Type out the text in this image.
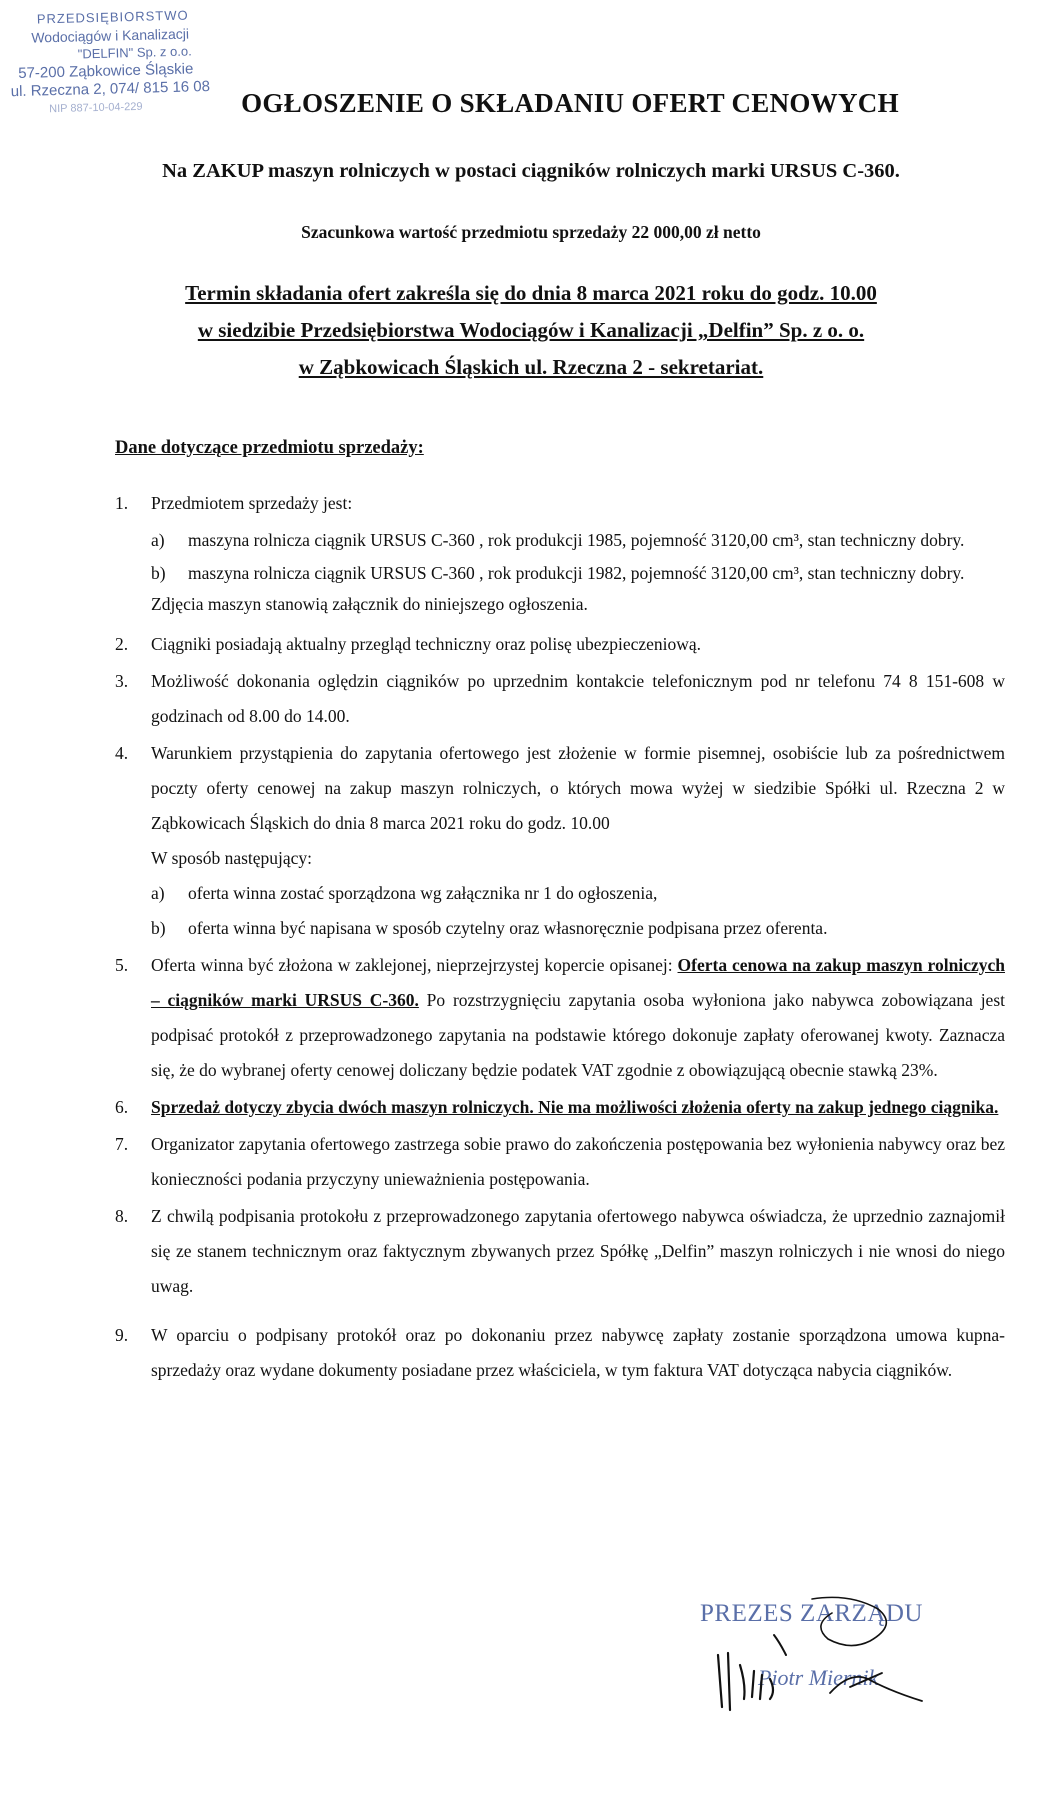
PRZEDSIĘBIORSTWO
Wodociągów i Kanalizacji
"DELFIN" Sp. z o.o.
57-200 Ząbkowice Śląskie
ul. Rzeczna 2, 074/ 815 16 08
NIP 887-10-04-229	OGŁOSZENIE O SKŁADANIU OFERT CENOWYCH
Na ZAKUP maszyn rolniczych w postaci ciągników rolniczych marki URSUS C-360.
Szacunkowa wartość przedmiotu sprzedaży 22 000,00 zł netto
Termin składania ofert zakreśla się do dnia 8 marca 2021 roku do godz. 10.00
w siedzibie Przedsiębiorstwa Wodociągów i Kanalizacji „Delfin” Sp. z o. o.
w Ząbkowicach Śląskich ul. Rzeczna 2 - sekretariat.
Dane dotyczące przedmiotu sprzedaży:
1. Przedmiotem sprzedaży jest:

a) maszyna rolnicza ciągnik URSUS C-360 , rok produkcji 1985, pojemność 3120,00 cm³, stan techniczny dobry.

b) maszyna rolnicza ciągnik URSUS C-360 , rok produkcji 1982, pojemność 3120,00 cm³, stan techniczny dobry.

Zdjęcia maszyn stanowią załącznik do niniejszego ogłoszenia.

2. Ciągniki posiadają aktualny przegląd techniczny oraz polisę ubezpieczeniową.

3. Możliwość dokonania oględzin ciągników po uprzednim kontakcie telefonicznym pod nr telefonu 74 8 151-608 w godzinach od 8.00 do 14.00.

4. Warunkiem przystąpienia do zapytania ofertowego jest złożenie w formie pisemnej, osobiście lub za pośrednictwem poczty oferty cenowej na zakup maszyn rolniczych, o których mowa wyżej w siedzibie Spółki ul. Rzeczna 2 w Ząbkowicach Śląskich do dnia 8 marca 2021 roku do godz. 10.00

W sposób następujący:

a) oferta winna zostać sporządzona wg załącznika nr 1 do ogłoszenia,

b) oferta winna być napisana w sposób czytelny oraz własnoręcznie podpisana przez oferenta.

5. Oferta winna być złożona w zaklejonej, nieprzejrzystej kopercie opisanej: Oferta cenowa na zakup maszyn rolniczych – ciągników marki URSUS C-360. Po rozstrzygnięciu zapytania osoba wyłoniona jako nabywca zobowiązana jest podpisać protokół z przeprowadzonego zapytania na podstawie którego dokonuje zapłaty oferowanej kwoty. Zaznacza się, że do wybranej oferty cenowej doliczany będzie podatek VAT zgodnie z obowiązującą obecnie stawką 23%.

6. Sprzedaż dotyczy zbycia dwóch maszyn rolniczych. Nie ma możliwości złożenia oferty na zakup jednego ciągnika.

7. Organizator zapytania ofertowego zastrzega sobie prawo do zakończenia postępowania bez wyłonienia nabywcy oraz bez konieczności podania przyczyny unieważnienia postępowania.

8. Z chwilą podpisania protokołu z przeprowadzonego zapytania ofertowego nabywca oświadcza, że uprzednio zaznajomił się ze stanem technicznym oraz faktycznym zbywanych przez Spółkę „Delfin” maszyn rolniczych i nie wnosi do niego uwag.

9. W oparciu o podpisany protokół oraz po dokonaniu przez nabywcę zapłaty zostanie sporządzona umowa kupna-sprzedaży oraz wydane dokumenty posiadane przez właściciela, w tym faktura VAT dotycząca nabycia ciągników.

PREZES ZARZĄDU
Piotr Miernik
